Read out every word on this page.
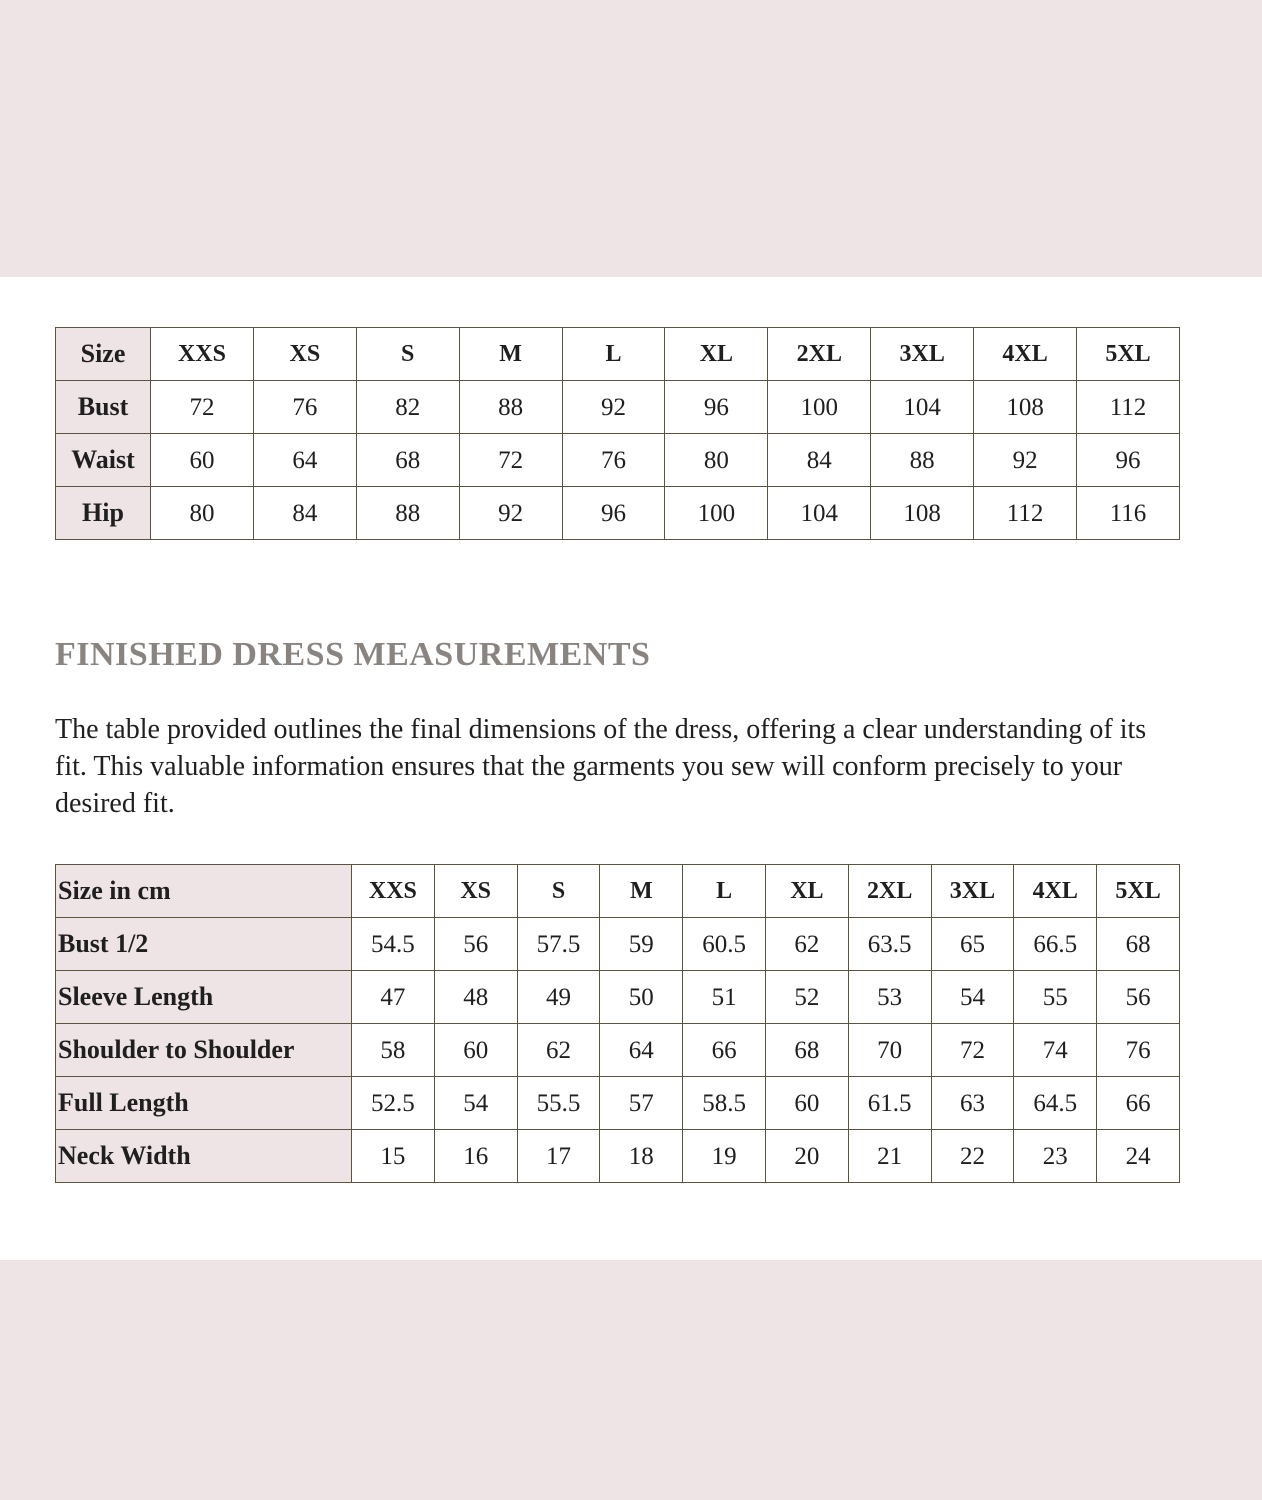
Size	XXS	XS	S	M	L	XL	2XL	3XL	4XL	5XL
Bust	72	76	82	88	92	96	100	104	108	112
Waist	60	64	68	72	76	80	84	88	92	96
Hip	80	84	88	92	96	100	104	108	112	116
FINISHED DRESS MEASUREMENTS

The table provided outlines the final dimensions of the dress, offering a clear understanding of its fit. This valuable information ensures that the garments you sew will conform precisely to your desired fit.

Size in cm	XXS	XS	S	M	L	XL	2XL	3XL	4XL	5XL
Bust 1/2	54.5	56	57.5	59	60.5	62	63.5	65	66.5	68
Sleeve Length	47	48	49	50	51	52	53	54	55	56
Shoulder to Shoulder	58	60	62	64	66	68	70	72	74	76
Full Length	52.5	54	55.5	57	58.5	60	61.5	63	64.5	66
Neck Width	15	16	17	18	19	20	21	22	23	24
